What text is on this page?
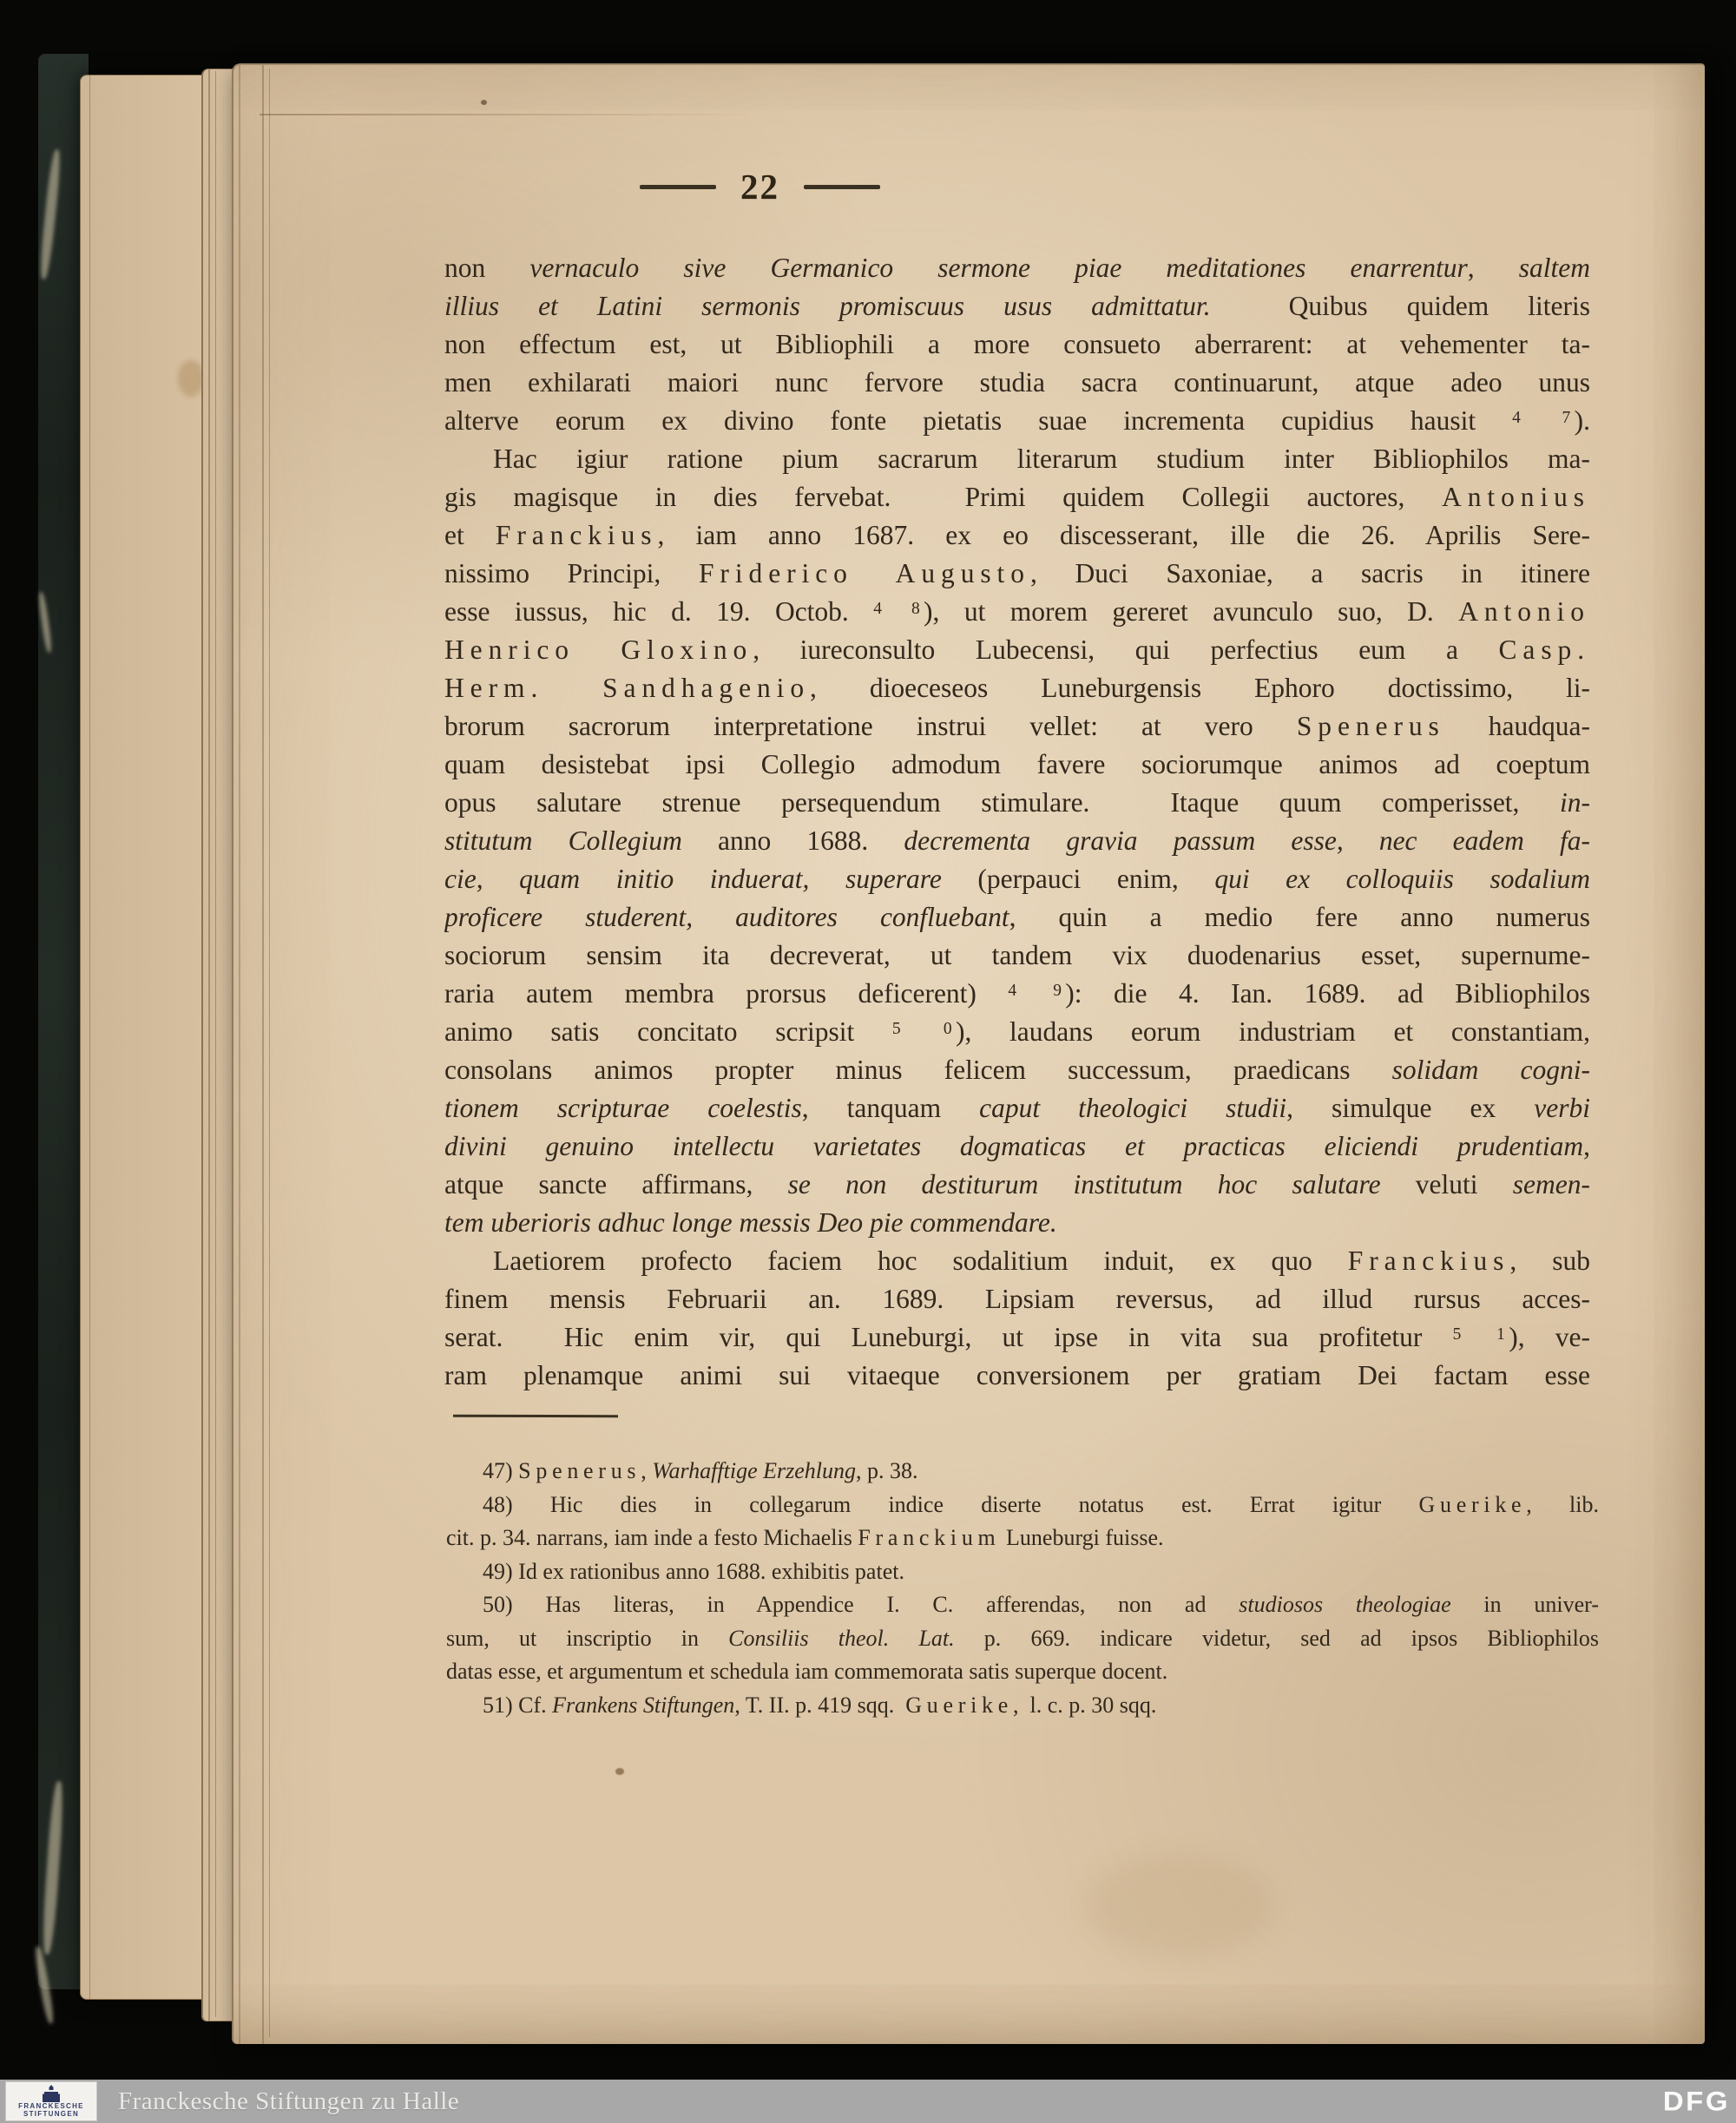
22
non vernaculo sive Germanico sermone piae meditationes enarrentur, saltem
illius et Latini sermonis promiscuus usus admittatur.  Quibus quidem literis
non effectum est, ut Bibliophili a more consueto aberrarent: at vehementer ta-
men exhilarati maiori nunc fervore studia sacra continuarunt, atque adeo unus
alterve eorum ex divino fonte pietatis suae incrementa cupidius hausit $^{4 7}$).
Hac igiur ratione pium sacrarum literarum studium inter Bibliophilos ma-
gis magisque in dies fervebat.  Primi quidem Collegii auctores, Antonius
et Franckius, iam anno 1687. ex eo discesserant, ille die 26. Aprilis Sere-
nissimo Principi, Friderico Augusto, Duci Saxoniae, a sacris in itinere
esse iussus, hic d. 19. Octob. $^{4 8}$), ut morem gereret avunculo suo, D. Antonio
Henrico Gloxino, iureconsulto Lubecensi, qui perfectius eum a Casp.
Herm. Sandhagenio, dioeceseos Luneburgensis Ephoro doctissimo, li-
brorum sacrorum interpretatione instrui vellet: at vero Spenerus haudqua-
quam desistebat ipsi Collegio admodum favere sociorumque animos ad coeptum
opus salutare strenue persequendum stimulare.  Itaque quum comperisset, in-
stitutum Collegium anno 1688. decrementa gravia passum esse, nec eadem fa-
cie, quam initio induerat, superare (perpauci enim, qui ex colloquiis sodalium
proficere studerent, auditores confluebant, quin a medio fere anno numerus
sociorum sensim ita decreverat, ut tandem vix duodenarius esset, supernume-
raria autem membra prorsus deficerent) $^{4 9}$): die 4. Ian. 1689. ad Bibliophilos
animo satis concitato scripsit $^{5 0}$), laudans eorum industriam et constantiam,
consolans animos propter minus felicem successum, praedicans solidam cogni-
tionem scripturae coelestis, tanquam caput theologici studii, simulque ex verbi
divini genuino intellectu varietates dogmaticas et practicas eliciendi prudentiam,
atque sancte affirmans, se non destiturum institutum hoc salutare veluti semen-
tem uberioris adhuc longe messis Deo pie commendare.
Laetiorem profecto faciem hoc sodalitium induit, ex quo Franckius, sub
finem mensis Februarii an. 1689. Lipsiam reversus, ad illud rursus acces-
serat.  Hic enim vir, qui Luneburgi, ut ipse in vita sua profitetur $^{5 1}$), ve-
ram plenamque animi sui vitaeque conversionem per gratiam Dei factam esse
47) Spenerus, Warhafftige Erzehlung, p. 38.
48) Hic dies in collegarum indice diserte notatus est. Errat igitur Guerike, lib.
cit. p. 34. narrans, iam inde a festo Michaelis Franckium Luneburgi fuisse.
49) Id ex rationibus anno 1688. exhibitis patet.
50) Has literas, in Appendice I. C. afferendas, non ad studiosos theologiae in univer-
sum, ut inscriptio in Consiliis theol. Lat. p. 669. indicare videtur, sed ad ipsos Bibliophilos
datas esse, et argumentum et schedula iam commemorata satis superque docent.
51) Cf. Frankens Stiftungen, T. II. p. 419 sqq.  Guerike,  l. c. p. 30 sqq.
FRANCKESCHE
STIFTUNGEN Franckesche Stiftungen zu Halle	DFG
